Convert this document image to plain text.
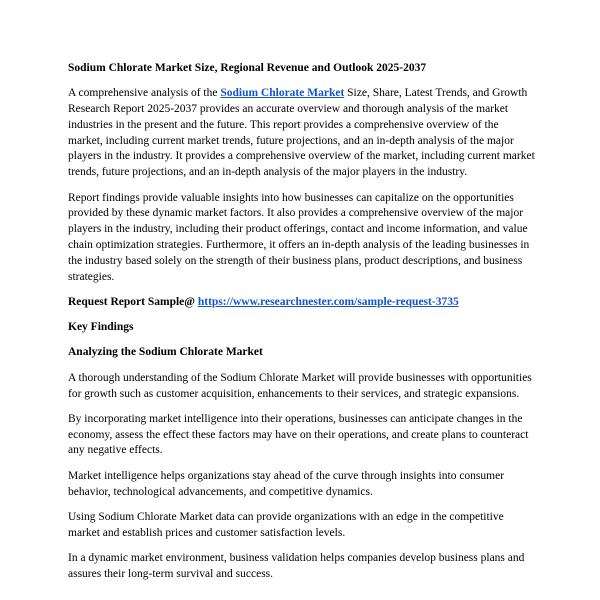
Sodium Chlorate Market Size, Regional Revenue and Outlook 2025-2037

A comprehensive analysis of the Sodium Chlorate Market Size, Share, Latest Trends, and Growth Research Report 2025-2037 provides an accurate overview and thorough analysis of the market industries in the present and the future. This report provides a comprehensive overview of the market, including current market trends, future projections, and an in-depth analysis of the major players in the industry. It provides a comprehensive overview of the market, including current market trends, future projections, and an in-depth analysis of the major players in the industry.

Report findings provide valuable insights into how businesses can capitalize on the opportunities provided by these dynamic market factors. It also provides a comprehensive overview of the major players in the industry, including their product offerings, contact and income information, and value chain optimization strategies. Furthermore, it offers an in-depth analysis of the leading businesses in the industry based solely on the strength of their business plans, product descriptions, and business strategies.

Request Report Sample@ https://www.researchnester.com/sample-request-3735

Key Findings

Analyzing the Sodium Chlorate Market

A thorough understanding of the Sodium Chlorate Market will provide businesses with opportunities for growth such as customer acquisition, enhancements to their services, and strategic expansions.

By incorporating market intelligence into their operations, businesses can anticipate changes in the economy, assess the effect these factors may have on their operations, and create plans to counteract any negative effects.

Market intelligence helps organizations stay ahead of the curve through insights into consumer behavior, technological advancements, and competitive dynamics.

Using Sodium Chlorate Market data can provide organizations with an edge in the competitive market and establish prices and customer satisfaction levels.

In a dynamic market environment, business validation helps companies develop business plans and assures their long-term survival and success.
